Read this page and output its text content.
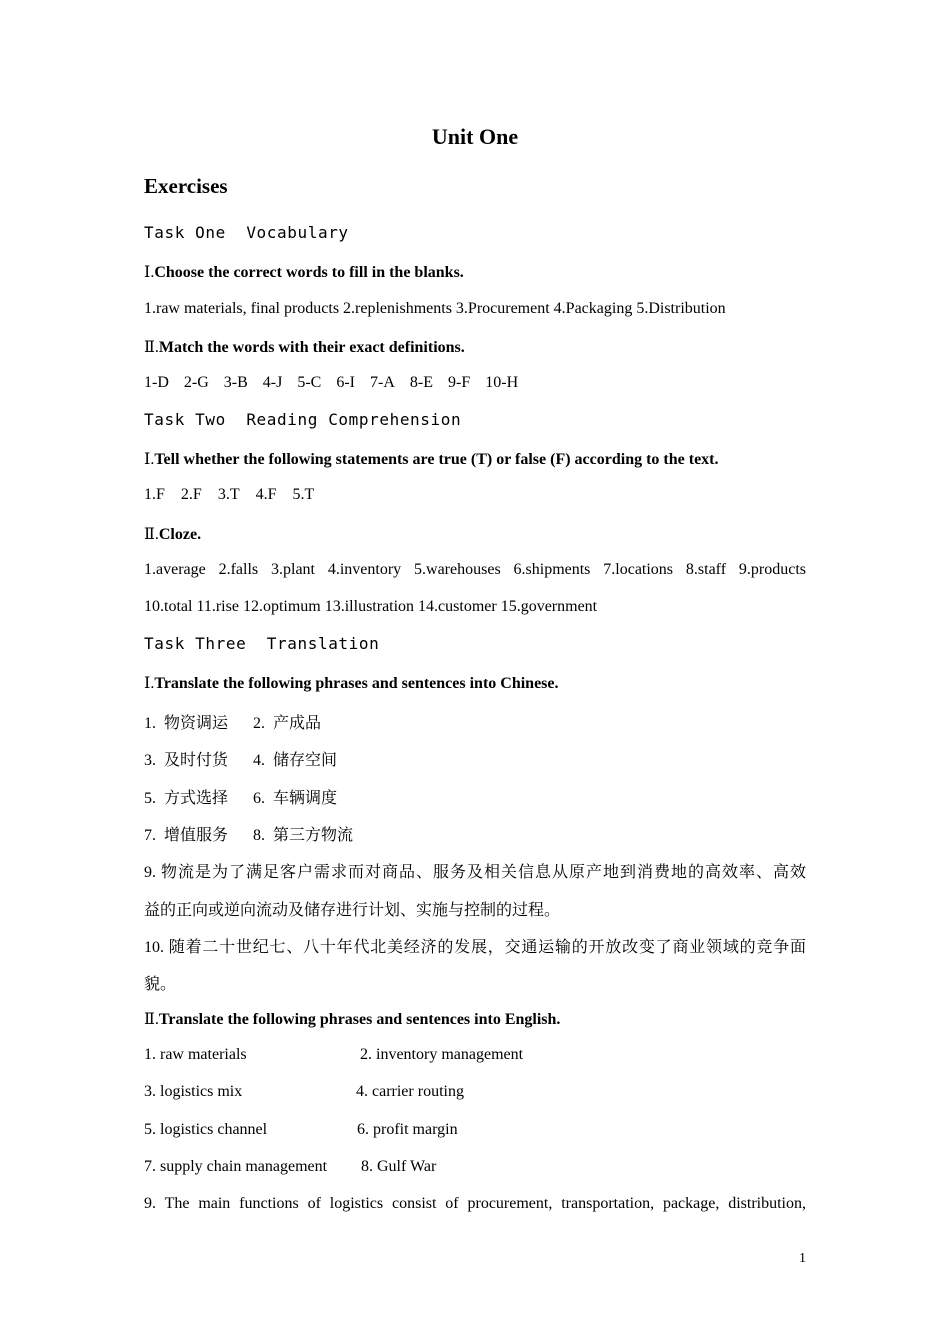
Unit One
Exercises
Task One  Vocabulary
Ⅰ.Choose the correct words to fill in the blanks.
1.raw materials, final products 2.replenishments 3.Procurement 4.Packaging 5.Distribution
Ⅱ.Match the words with their exact definitions.
1-D 2-G 3-B 4-J 5-C 6-I 7-A 8-E 9-F 10-H
Task Two  Reading Comprehension
Ⅰ.Tell whether the following statements are true (T) or false (F) according to the text.
1.F 2.F 3.T 4.F 5.T
Ⅱ.Cloze.
1.average 2.falls 3.plant 4.inventory 5.warehouses 6.shipments 7.locations 8.staff 9.products
10.total 11.rise 12.optimum 13.illustration 14.customer 15.government
Task Three  Translation
Ⅰ.Translate the following phrases and sentences into Chinese.
1.  物资调运 2.  产成品
3.  及时付货 4.  储存空间
5.  方式选择 6.  车辆调度
7.  增值服务 8.  第三方物流
9. 物流是为了满足客户需求而对商品、服务及相关信息从原产地到消费地的高效率、高效
益的正向或逆向流动及储存进行计划、实施与控制的过程。
10. 随着二十世纪七、八十年代北美经济的发展，交通运输的开放改变了商业领域的竞争面
貌。
Ⅱ.Translate the following phrases and sentences into English.
1. raw materials	2. inventory management
3. logistics mix	4. carrier routing
5. logistics channel	6. profit margin
7. supply chain management 8. Gulf War
9. The main functions of logistics consist of procurement, transportation, package, distribution,
1
